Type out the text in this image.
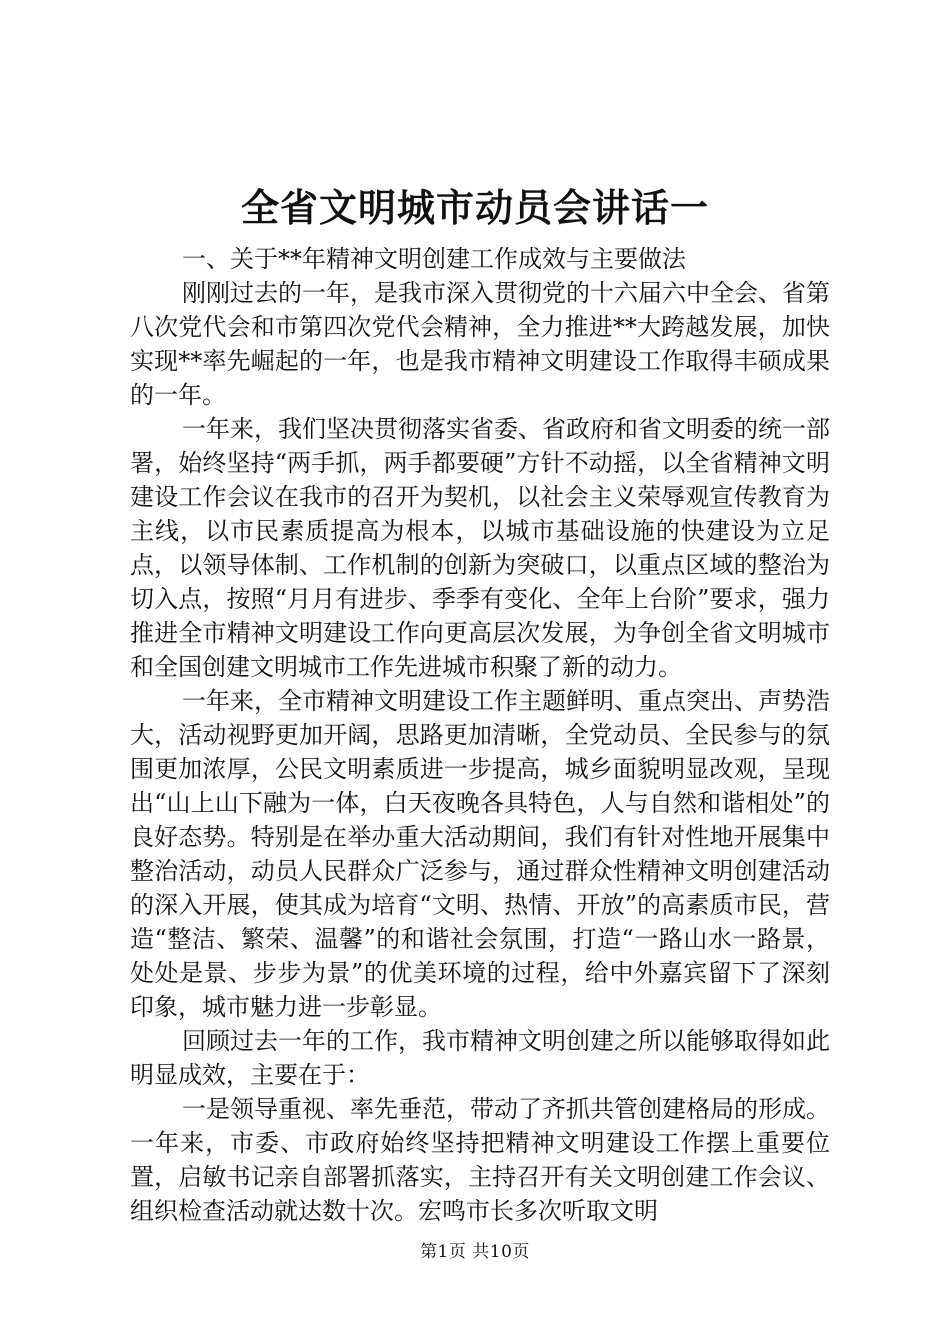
全省文明城市动员会讲话一

一、关于**年精神文明创建工作成效与主要做法

刚刚过去的一年，是我市深入贯彻党的十六届六中全会、省第八次党代会和市第四次党代会精神，全力推进**大跨越发展，加快实现**率先崛起的一年，也是我市精神文明建设工作取得丰硕成果的一年。

一年来，我们坚决贯彻落实省委、省政府和省文明委的统一部署，始终坚持“两手抓，两手都要硬”方针不动摇，以全省精神文明建设工作会议在我市的召开为契机，以社会主义荣辱观宣传教育为主线，以市民素质提高为根本，以城市基础设施的快建设为立足点，以领导体制、工作机制的创新为突破口，以重点区域的整治为切入点，按照“月月有进步、季季有变化、全年上台阶”要求，强力推进全市精神文明建设工作向更高层次发展，为争创全省文明城市和全国创建文明城市工作先进城市积聚了新的动力。

一年来，全市精神文明建设工作主题鲜明、重点突出、声势浩大，活动视野更加开阔，思路更加清晰，全党动员、全民参与的氛围更加浓厚，公民文明素质进一步提高，城乡面貌明显改观，呈现出“山上山下融为一体，白天夜晚各具特色，人与自然和谐相处”的良好态势。特别是在举办重大活动期间，我们有针对性地开展集中整治活动，动员人民群众广泛参与，通过群众性精神文明创建活动的深入开展，使其成为培育“文明、热情、开放”的高素质市民，营造“整洁、繁荣、温馨”的和谐社会氛围，打造“一路山水一路景，处处是景、步步为景”的优美环境的过程，给中外嘉宾留下了深刻印象，城市魅力进一步彰显。

回顾过去一年的工作，我市精神文明创建之所以能够取得如此明显成效，主要在于：

一是领导重视、率先垂范，带动了齐抓共管创建格局的形成。一年来，市委、市政府始终坚持把精神文明建设工作摆上重要位置，启敏书记亲自部署抓落实，主持召开有关文明创建工作会议、组织检查活动就达数十次。宏鸣市长多次听取文明

第1页 共10页
